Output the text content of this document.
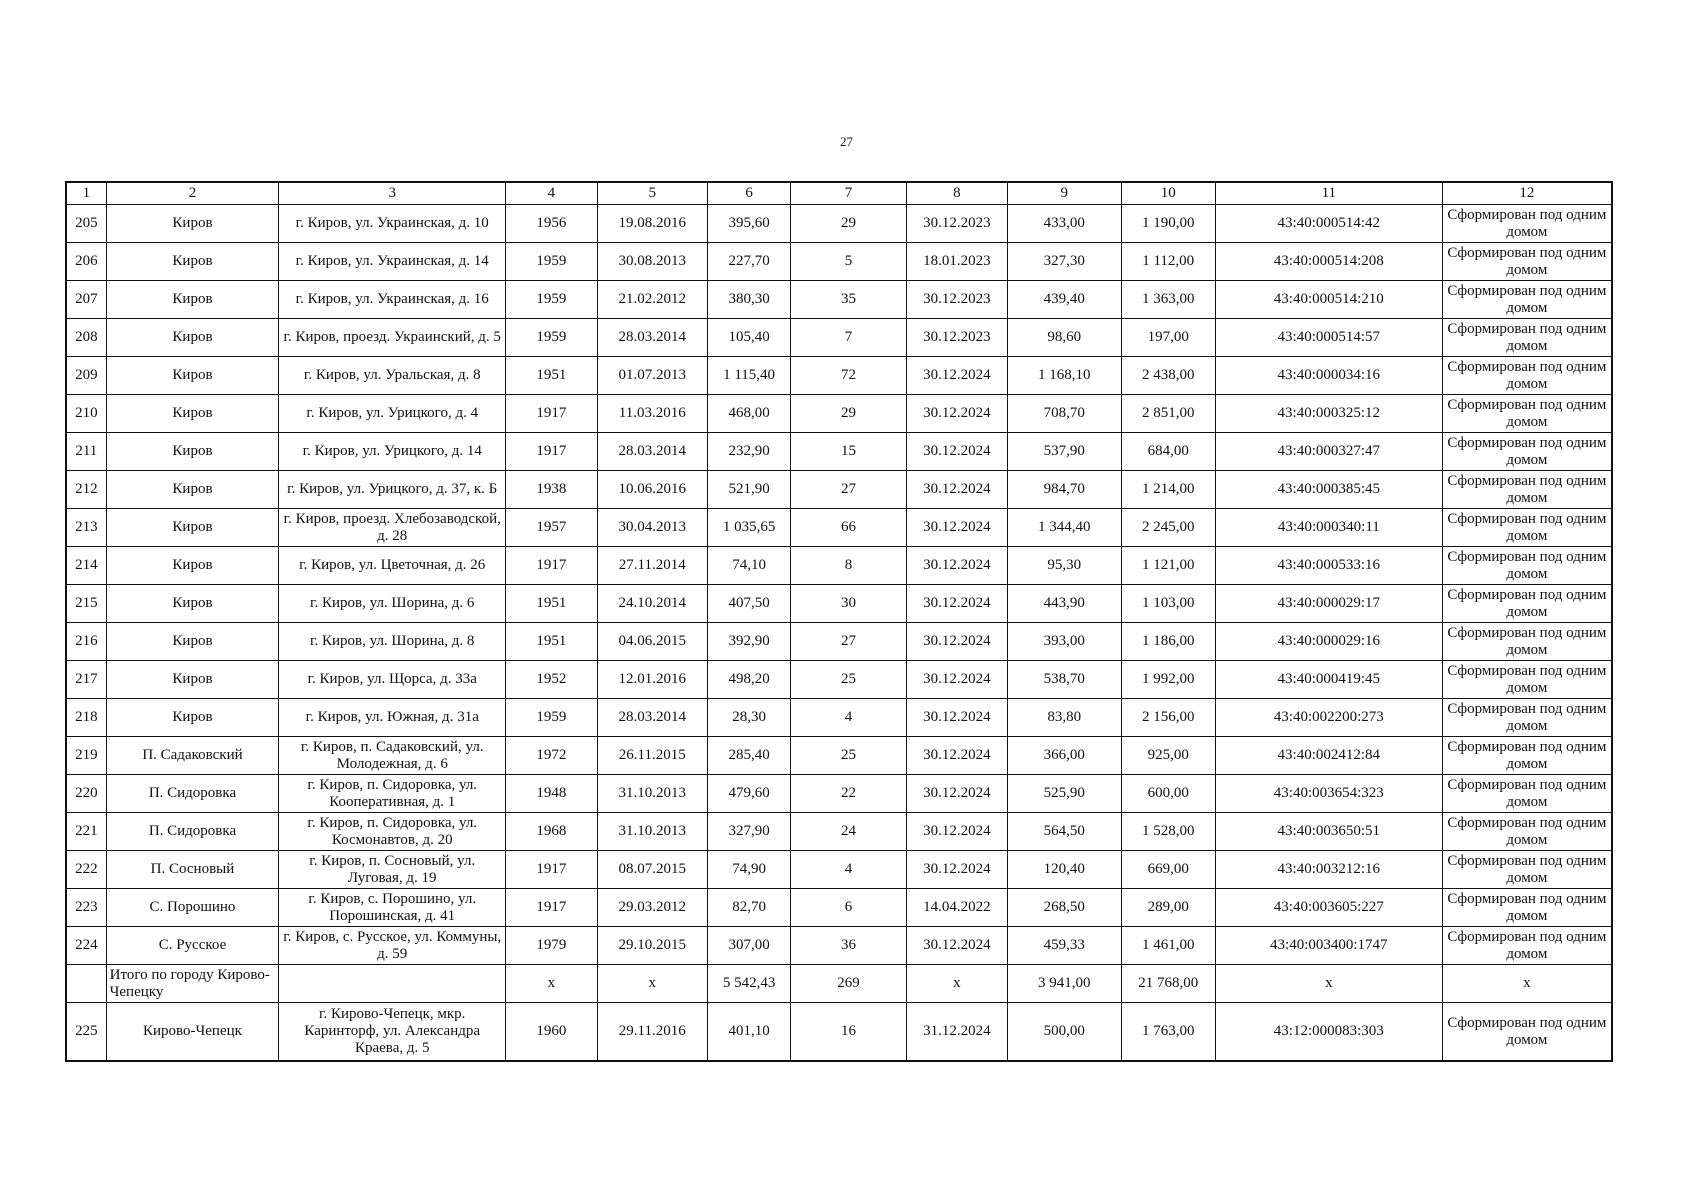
27
1	2	3	4	5	6	7	8	9	10	11	12
205	Киров	г. Киров, ул. Украинская, д. 10	1956	19.08.2016	395,60	29	30.12.2023	433,00	1 190,00	43:40:000514:42	Сформирован под одним домом
206	Киров	г. Киров, ул. Украинская, д. 14	1959	30.08.2013	227,70	5	18.01.2023	327,30	1 112,00	43:40:000514:208	Сформирован под одним домом
207	Киров	г. Киров, ул. Украинская, д. 16	1959	21.02.2012	380,30	35	30.12.2023	439,40	1 363,00	43:40:000514:210	Сформирован под одним домом
208	Киров	г. Киров, проезд. Украинский, д. 5	1959	28.03.2014	105,40	7	30.12.2023	98,60	197,00	43:40:000514:57	Сформирован под одним домом
209	Киров	г. Киров, ул. Уральская, д. 8	1951	01.07.2013	1 115,40	72	30.12.2024	1 168,10	2 438,00	43:40:000034:16	Сформирован под одним домом
210	Киров	г. Киров, ул. Урицкого, д. 4	1917	11.03.2016	468,00	29	30.12.2024	708,70	2 851,00	43:40:000325:12	Сформирован под одним домом
211	Киров	г. Киров, ул. Урицкого, д. 14	1917	28.03.2014	232,90	15	30.12.2024	537,90	684,00	43:40:000327:47	Сформирован под одним домом
212	Киров	г. Киров, ул. Урицкого, д. 37, к. Б	1938	10.06.2016	521,90	27	30.12.2024	984,70	1 214,00	43:40:000385:45	Сформирован под одним домом
213	Киров	г. Киров, проезд. Хлебозаводской, д. 28	1957	30.04.2013	1 035,65	66	30.12.2024	1 344,40	2 245,00	43:40:000340:11	Сформирован под одним домом
214	Киров	г. Киров, ул. Цветочная, д. 26	1917	27.11.2014	74,10	8	30.12.2024	95,30	1 121,00	43:40:000533:16	Сформирован под одним домом
215	Киров	г. Киров, ул. Шорина, д. 6	1951	24.10.2014	407,50	30	30.12.2024	443,90	1 103,00	43:40:000029:17	Сформирован под одним домом
216	Киров	г. Киров, ул. Шорина, д. 8	1951	04.06.2015	392,90	27	30.12.2024	393,00	1 186,00	43:40:000029:16	Сформирован под одним домом
217	Киров	г. Киров, ул. Щорса, д. 33а	1952	12.01.2016	498,20	25	30.12.2024	538,70	1 992,00	43:40:000419:45	Сформирован под одним домом
218	Киров	г. Киров, ул. Южная, д. 31а	1959	28.03.2014	28,30	4	30.12.2024	83,80	2 156,00	43:40:002200:273	Сформирован под одним домом
219	П. Садаковский	г. Киров, п. Садаковский, ул. Молодежная, д. 6	1972	26.11.2015	285,40	25	30.12.2024	366,00	925,00	43:40:002412:84	Сформирован под одним домом
220	П. Сидоровка	г. Киров, п. Сидоровка, ул. Кооперативная, д. 1	1948	31.10.2013	479,60	22	30.12.2024	525,90	600,00	43:40:003654:323	Сформирован под одним домом
221	П. Сидоровка	г. Киров, п. Сидоровка, ул. Космонавтов, д. 20	1968	31.10.2013	327,90	24	30.12.2024	564,50	1 528,00	43:40:003650:51	Сформирован под одним домом
222	П. Сосновый	г. Киров, п. Сосновый, ул. Луговая, д. 19	1917	08.07.2015	74,90	4	30.12.2024	120,40	669,00	43:40:003212:16	Сформирован под одним домом
223	С. Порошино	г. Киров, с. Порошино, ул. Порошинская, д. 41	1917	29.03.2012	82,70	6	14.04.2022	268,50	289,00	43:40:003605:227	Сформирован под одним домом
224	С. Русское	г. Киров, с. Русское, ул. Коммуны, д. 59	1979	29.10.2015	307,00	36	30.12.2024	459,33	1 461,00	43:40:003400:1747	Сформирован под одним домом
	Итого по городу Кирово-Чепецку		x	x	5 542,43	269	x	3 941,00	21 768,00	x	x
225	Кирово-Чепецк	г. Кирово-Чепецк, мкр. Каринторф, ул. Александра Краева, д. 5	1960	29.11.2016	401,10	16	31.12.2024	500,00	1 763,00	43:12:000083:303	Сформирован под одним домом
